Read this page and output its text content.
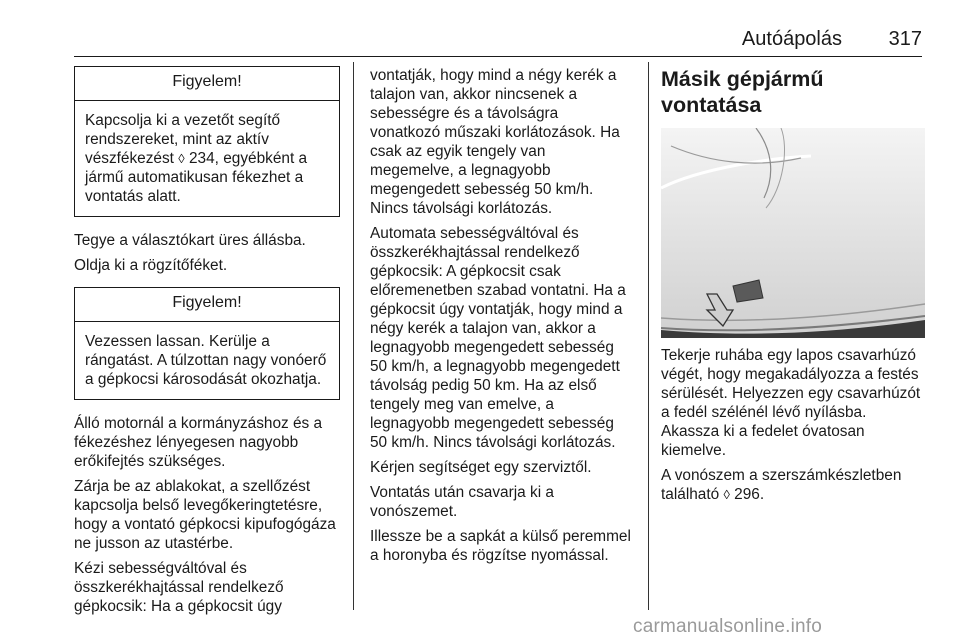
Autóápolás 317
Figyelem!

Kapcsolja ki a vezetőt segítő rendszereket, mint az aktív vészfékezést ◊ 234, egyébként a jármű automatikusan fékezhet a vontatás alatt.

Tegye a választókart üres állásba.

Oldja ki a rögzítőféket.

Figyelem!

Vezessen lassan. Kerülje a rángatást. A túlzottan nagy vonóerő a gépkocsi károsodását okozhatja.

Álló motornál a kormányzáshoz és a fékezéshez lényegesen nagyobb erőkifejtés szükséges.

Zárja be az ablakokat, a szellőzést kapcsolja belső levegőkeringtetésre, hogy a vontató gépkocsi kipufogógáza ne jusson az utastérbe.

Kézi sebességváltóval és összkerékhajtással rendelkező gépkocsik: Ha a gépkocsit úgy

vontatják, hogy mind a négy kerék a talajon van, akkor nincsenek a sebességre és a távolságra vonatkozó műszaki korlátozások. Ha csak az egyik tengely van megemelve, a legnagyobb megengedett sebesség 50 km/h. Nincs távolsági korlátozás.

Automata sebességváltóval és összkerékhajtással rendelkező gépkocsik: A gépkocsit csak előremenetben szabad vontatni. Ha a gépkocsit úgy vontatják, hogy mind a négy kerék a talajon van, akkor a legnagyobb megengedett sebesség 50 km/h, a legnagyobb megengedett távolság pedig 50 km. Ha az első tengely meg van emelve, a legnagyobb megengedett sebesség 50 km/h. Nincs távolsági korlátozás.

Kérjen segítséget egy szerviztől.

Vontatás után csavarja ki a vonószemet.

Illessze be a sapkát a külső peremmel a horonyba és rögzítse nyomással.

Másik gépjármű vontatása

Tekerje ruhába egy lapos csavarhúzó végét, hogy megakadályozza a festés sérülését. Helyezzen egy csavarhúzót a fedél szélénél lévő nyílásba. Akassza ki a fedelet óvatosan kiemelve.

A vonószem a szerszámkészletben található ◊ 296.

carmanualsonline.info
